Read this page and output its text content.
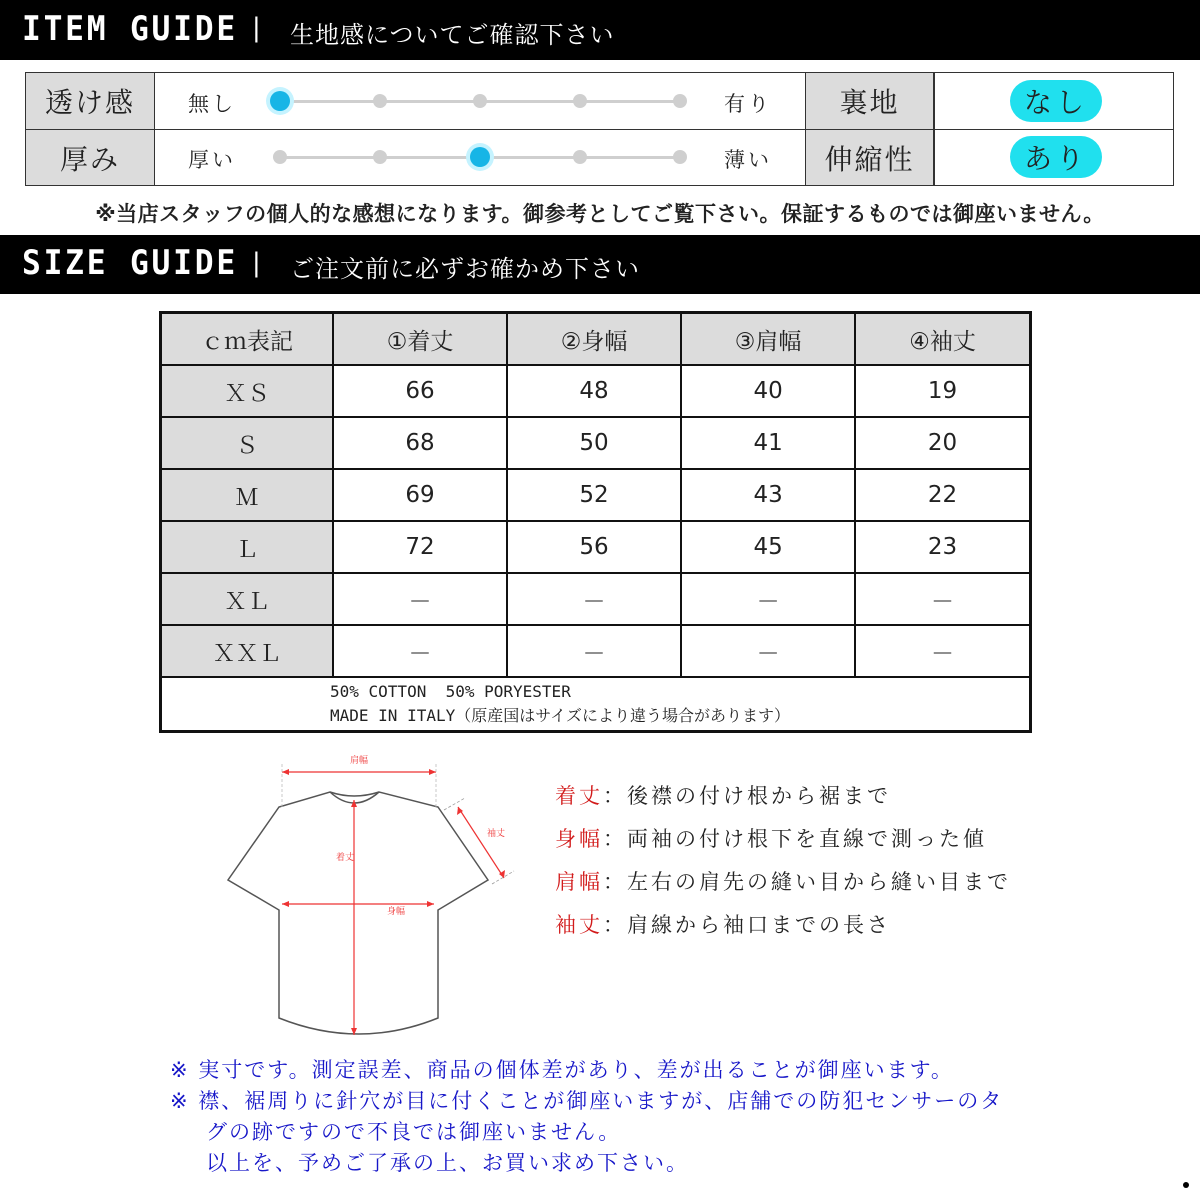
ITEM GUIDE | 生地感についてご確認下さい
透け感	無し	有り	裏地	なし
厚み	厚い	薄い	伸縮性	あり
※当店スタッフの個人的な感想になります。御参考としてご覧下さい。保証するものでは御座いません。
SIZE GUIDE | ご注文前に必ずお確かめ下さい
ｃｍ表記	①着丈	②身幅	③肩幅	④袖丈
ＸＳ	66	48	40	19
Ｓ	68	50	41	20
Ｍ	69	52	43	22
Ｌ	72	56	45	23
ＸＬ	－	－	－	－
ＸＸＬ	－	－	－	－

50% COTTON  50% PORYESTER
MADE IN ITALY（原産国はサイズにより違う場合があります）				
肩幅
着丈
身幅
袖丈
着丈：後襟の付け根から裾まで
身幅：両袖の付け根下を直線で測った値
肩幅：左右の肩先の縫い目から縫い目まで
袖丈：肩線から袖口までの長さ
※ 実寸です。測定誤差、商品の個体差があり、差が出ることが御座います。
※ 襟、裾周りに針穴が目に付くことが御座いますが、店舗での防犯センサーのタ
グの跡ですので不良では御座いません。
以上を、予めご了承の上、お買い求め下さい。
